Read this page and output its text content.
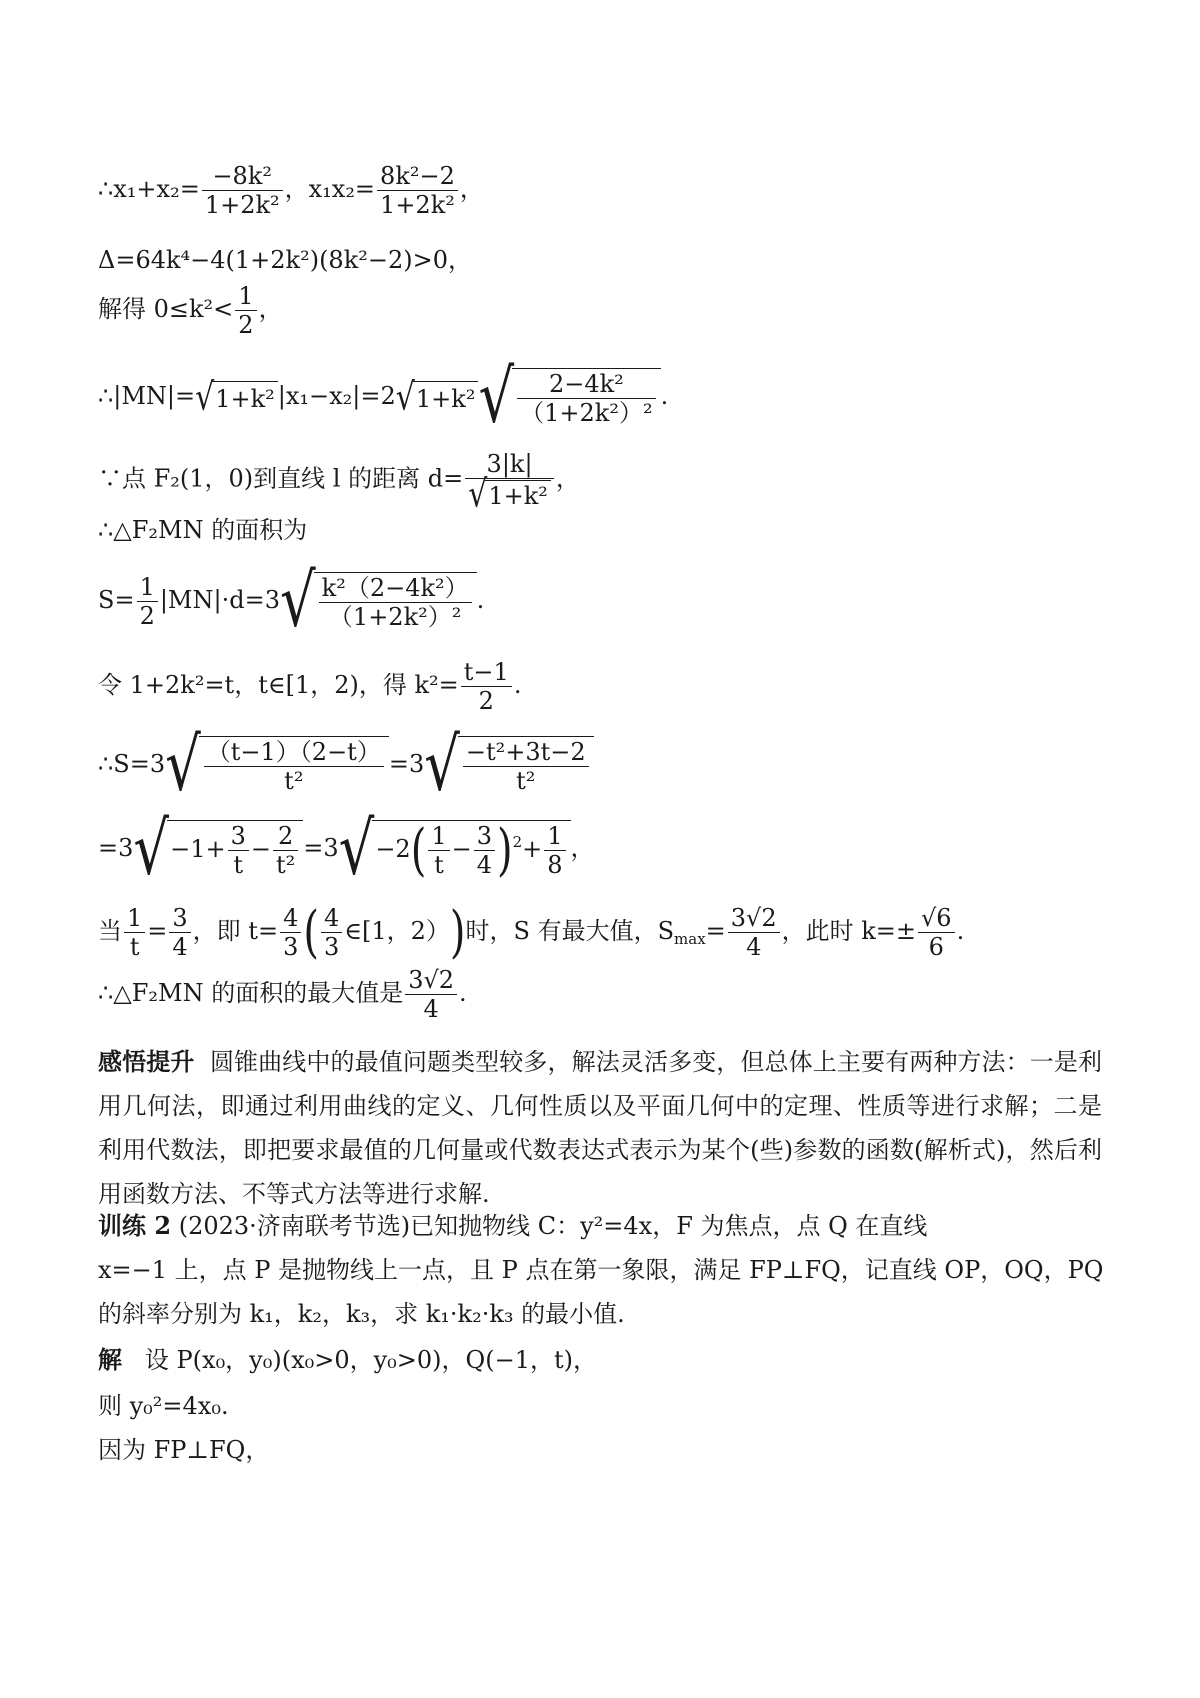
∴x₁+x₂= $\frac{\text{−8k²}}{\text{1+2k²}}$ ，$x_1x_2= \frac{\text{8k²−2}}{\text{1+2k²}}$ ，
Δ=64k⁴−4(1+2k²)(8k²−2)>0，
解得 $0\le k^2< \frac{1}{2}$ ，
∴|MN|=√1+k² $|x_1-x_2|=2√1+k^2√ \frac{\text{2−4k²}}{\text{（1+2k²）²}}$ .
∵点 F₂(1，0)到直线 l 的距离 $d= \frac{3|k|}{\text{√1+k²}}$ ，
∴△F₂MN 的面积为
$S= \frac{1}{2} |MN|\cdot d=3√ \frac{\text{k²（2−4k²）}}{\text{（1+2k²）²}}$ .
令 1+2k²=t，t∈[1，2)，得 $k^2= \frac{t-1}{2}$ .
∴S=3√ $\frac{(t-1)(2-t)}{\text{t²}} =3√ \frac{\text{−t²+3t−2}}{\text{t²}}$
$=3√-1+ \frac{3}{t} - \frac{2}{\text{t²}} =3√-2( \frac{1}{t} - \frac{3}{4} )^2+ \frac{1}{8}$ ，
当 $\frac{1}{t} = \frac{3}{4}$ ，即 $t= \frac{4}{3}$ ( $\frac{4}{3}$ ∈[1，2）)时，S 有最大值，$S_{max}= \frac{3√2}{4}$ ，此时 $k=\pm \frac{√6}{6}$ .
∴△F₂MN 的面积的最大值是 $\frac{3√2}{4}$ .
感悟提升 圆锥曲线中的最值问题类型较多，解法灵活多变，但总体上主要有两种方法：一是利用几何法，即通过利用曲线的定义、几何性质以及平面几何中的定理、性质等进行求解；二是利用代数法，即把要求最值的几何量或代数表达式表示为某个(些)参数的函数(解析式)，然后利用函数方法、不等式方法等进行求解.
训练 2 (2023·济南联考节选)已知抛物线 C：y²=4x，F 为焦点，点 Q 在直线
x=−1 上，点 P 是抛物线上一点，且 P 点在第一象限，满足 FP⊥FQ，记直线 OP，OQ，PQ
的斜率分别为 k₁，k₂，k₃，求 k₁·k₂·k₃ 的最小值.
解 设 P(x₀，y₀)(x₀>0，y₀>0)，Q(−1，t)，
则 y₀²=4x₀.
因为 FP⊥FQ，
